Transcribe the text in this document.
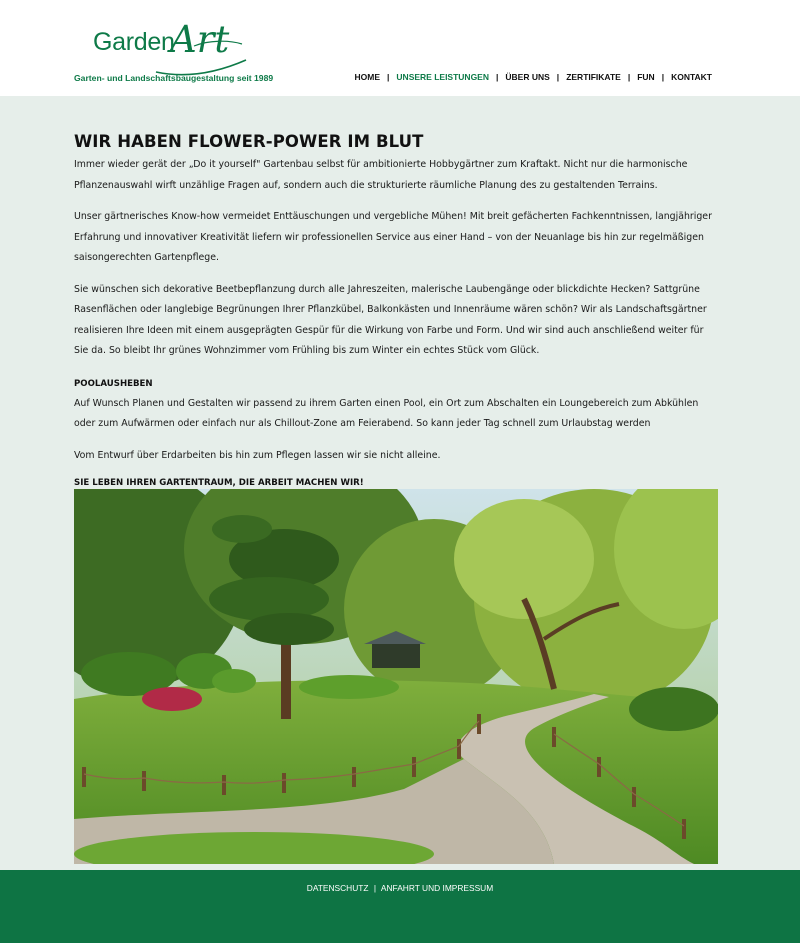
Garden
Art
Garten- und Landschaftsbaugestaltung seit 1989	HOME | UNSERE LEISTUNGEN | ÜBER UNS | ZERTIFIKATE | FUN | KONTAKT
WIR HABEN FLOWER-POWER IM BLUT

Immer wieder gerät der „Do it yourself" Gartenbau selbst für ambitionierte Hobbygärtner zum Kraftakt. Nicht nur die harmonische Pflanzenauswahl wirft unzählige Fragen auf, sondern auch die strukturierte räumliche Planung des zu gestaltenden Terrains.

Unser gärtnerisches Know-how vermeidet Enttäuschungen und vergebliche Mühen! Mit breit gefächerten Fachkenntnissen, langjähriger Erfahrung und innovativer Kreativität liefern wir professionellen Service aus einer Hand – von der Neuanlage bis hin zur regelmäßigen saisongerechten Gartenpflege.

Sie wünschen sich dekorative Beetbepflanzung durch alle Jahreszeiten, malerische Laubengänge oder blickdichte Hecken? Sattgrüne Rasenflächen oder langlebige Begrünungen Ihrer Pflanzkübel, Balkonkästen und Innenräume wären schön? Wir als Landschaftsgärtner realisieren Ihre Ideen mit einem ausgeprägten Gespür für die Wirkung von Farbe und Form. Und wir sind auch anschließend weiter für Sie da. So bleibt Ihr grünes Wohnzimmer vom Frühling bis zum Winter ein echtes Stück vom Glück.

POOLAUSHEBEN

Auf Wunsch Planen und Gestalten wir passend zu ihrem Garten einen Pool, ein Ort zum Abschalten ein Loungebereich zum Abkühlen oder zum Aufwärmen oder einfach nur als Chillout-Zone am Feierabend. So kann jeder Tag schnell zum Urlaubstag werden

Vom Entwurf über Erdarbeiten bis hin zum Pflegen lassen wir sie nicht alleine.

SIE LEBEN IHREN GARTENTRAUM, DIE ARBEIT MACHEN WIR!
DATENSCHUTZ | ANFAHRT UND IMPRESSUM
